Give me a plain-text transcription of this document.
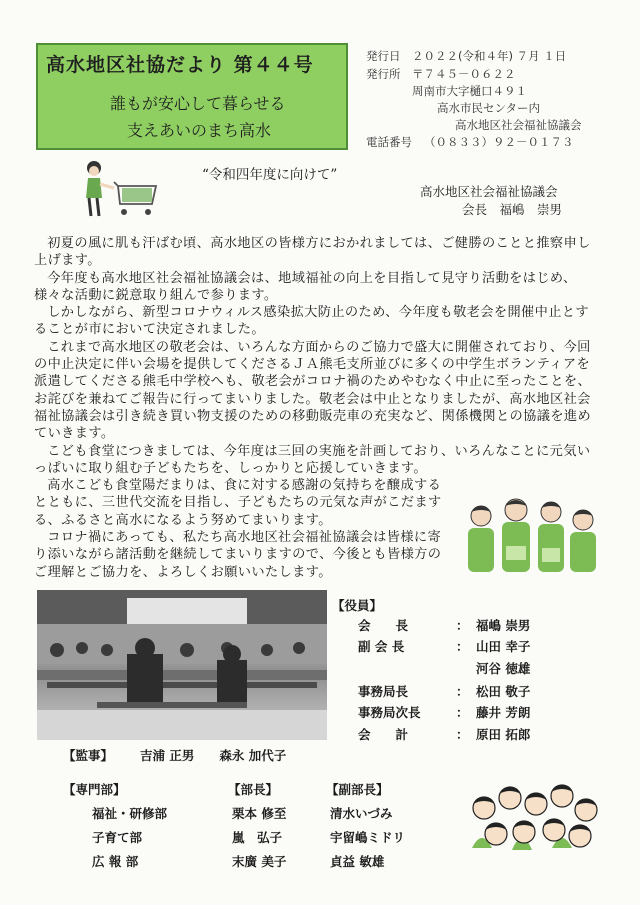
高水地区社協だより 第４４号
誰もが安心して暮らせる
支えあいのまち高水
発行日 ２０２２(令和４年) ７月 １日
発行所 〒７４５－０６２２
周南市大字樋口４９１
高水市民センター内
高水地区社会福祉協議会
電話番号 （０８３３）９２－０１７３
“令和四年度に向けて”
高水地区社会福祉協議会
会長　福嶋　崇男

初夏の風に肌も汗ばむ頃、高水地区の皆様方におかれましては、ご健勝のことと推察申し上げます。

今年度も高水地区社会福祉協議会は、地域福祉の向上を目指して見守り活動をはじめ、様々な活動に鋭意取り組んで参ります。

しかしながら、新型コロナウィルス感染拡大防止のため、今年度も敬老会を開催中止とすることが市において決定されました。

これまで高水地区の敬老会は、いろんな方面からのご協力で盛大に開催されており、今回の中止決定に伴い会場を提供してくださるＪＡ熊毛支所並びに多くの中学生ボランティアを派遣してくださる熊毛中学校へも、敬老会がコロナ禍のためやむなく中止に至ったことを、お詫びを兼ねてご報告に行ってまいりました。敬老会は中止となりましたが、高水地区社会福祉協議会は引き続き買い物支援のための移動販売車の充実など、関係機関との協議を進めていきます。

こども食堂につきましては、今年度は三回の実施を計画しており、いろんなことに元気いっぱいに取り組む子どもたちを、しっかりと応援していきます。

高水こども食堂陽だまりは、食に対する感謝の気持ちを醸成するとともに、三世代交流を目指し、子どもたちの元気な声がこだまする、ふるさと高水になるよう努めてまいります。

コロナ禍にあっても、私たち高水地区社会福祉協議会は皆様に寄り添いながら諸活動を継続してまいりますので、今後とも皆様方のご理解とご協力を、よろしくお願いいたします。

【役員】
会　　長	： 福嶋 崇男
副 会 長	： 山田 幸子
河谷 徳雄
事務局長	： 松田 敬子
事務局次長	： 藤井 芳朗
会　　計	： 原田 拓郎
【監事】 吉浦 正男　　森永 加代子
【専門部】	【部長】	【副部長】
福祉・研修部	栗本 修至	清水いづみ
子育て部	嵐　弘子	宇留嶋ミドリ
広 報 部	末廣 美子	貞益 敏雄
